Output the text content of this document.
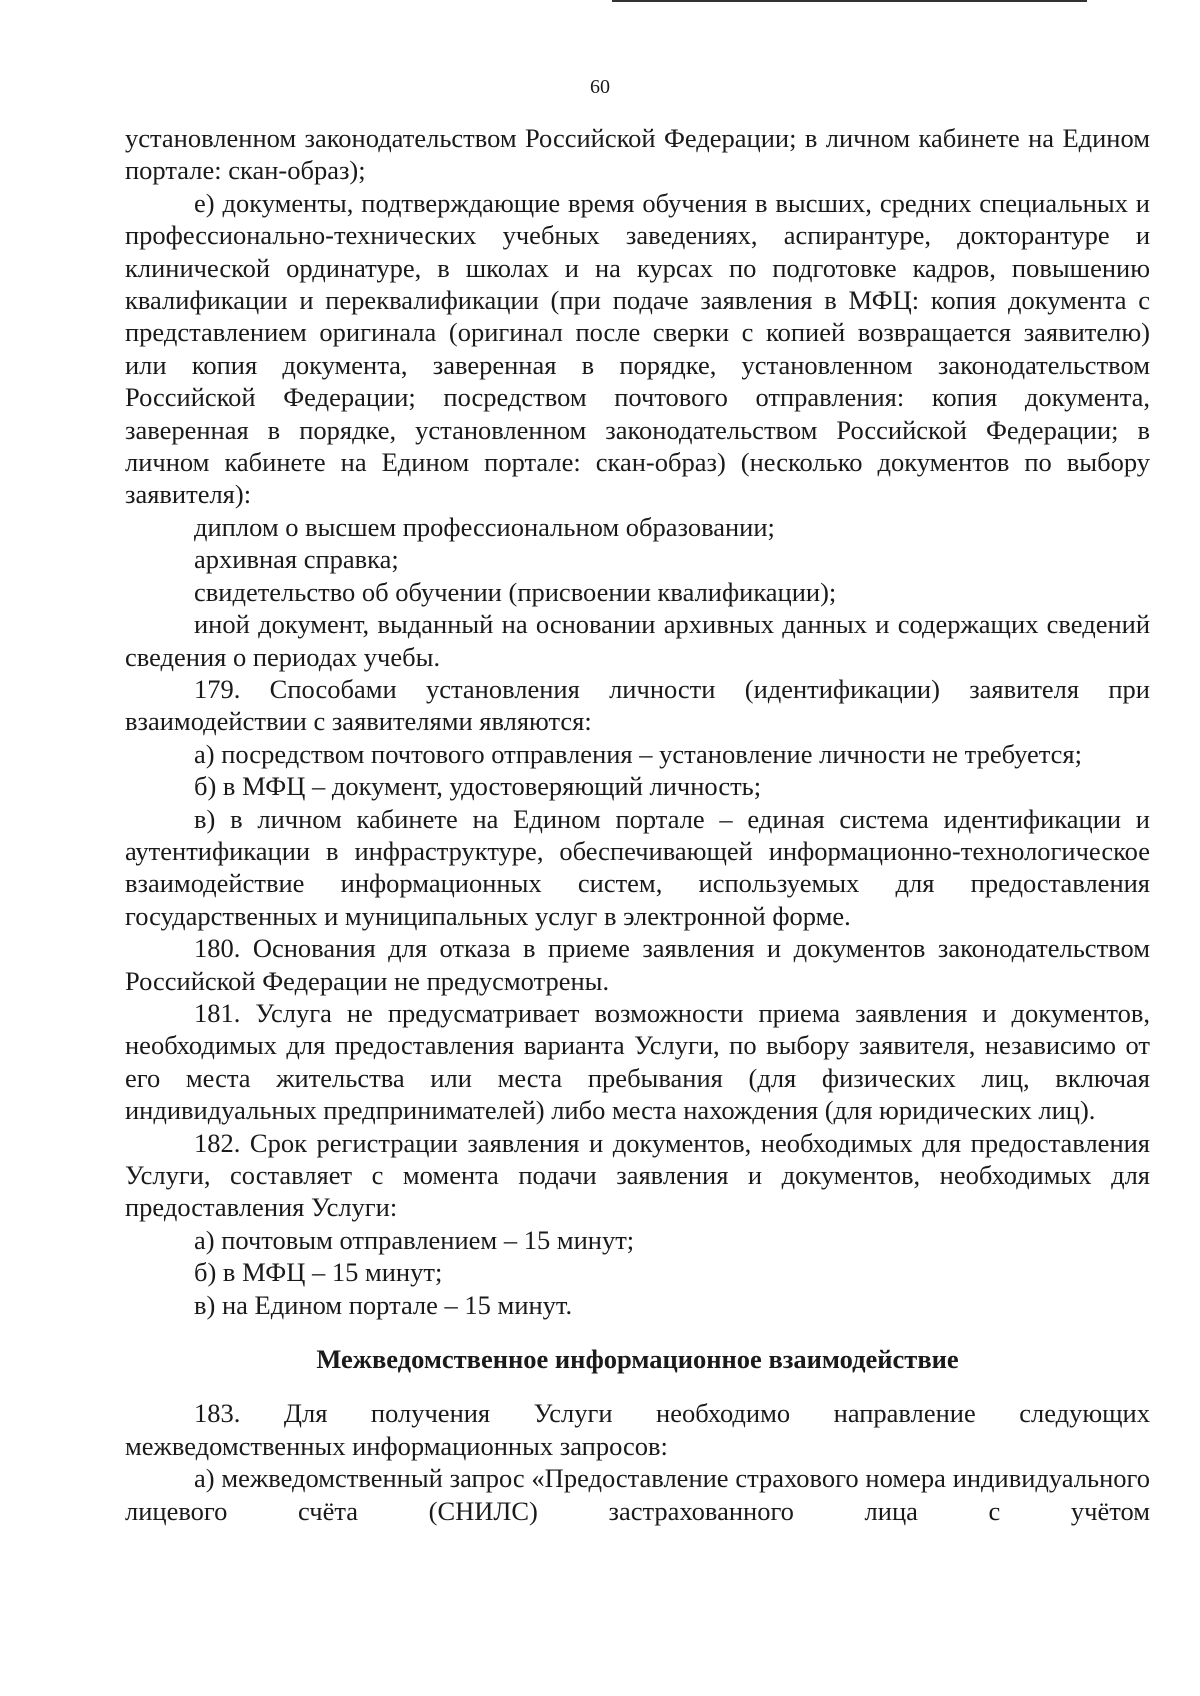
60

установленном законодательством Российской Федерации; в личном кабинете на Едином портале: скан-образ);

е) документы, подтверждающие время обучения в высших, средних специальных и профессионально-технических учебных заведениях, аспирантуре, докторантуре и клинической ординатуре, в школах и на курсах по подготовке кадров, повышению квалификации и переквалификации (при подаче заявления в МФЦ: копия документа с представлением оригинала (оригинал после сверки с копией возвращается заявителю) или копия документа, заверенная в порядке, установленном законодательством Российской Федерации; посредством почтового отправления: копия документа, заверенная в порядке, установленном законодательством Российской Федерации; в личном кабинете на Едином портале: скан-образ) (несколько документов по выбору заявителя):

диплом о высшем профессиональном образовании;

архивная справка;

свидетельство об обучении (присвоении квалификации);

иной документ, выданный на основании архивных данных и содержащих сведений сведения о периодах учебы.

179. Способами установления личности (идентификации) заявителя при взаимодействии с заявителями являются:

а) посредством почтового отправления – установление личности не требуется;

б) в МФЦ – документ, удостоверяющий личность;

в) в личном кабинете на Едином портале – единая система идентификации и аутентификации в инфраструктуре, обеспечивающей информационно-технологическое взаимодействие информационных систем, используемых для предоставления государственных и муниципальных услуг в электронной форме.

180. Основания для отказа в приеме заявления и документов законодательством Российской Федерации не предусмотрены.

181. Услуга не предусматривает возможности приема заявления и документов, необходимых для предоставления варианта Услуги, по выбору заявителя, независимо от его места жительства или места пребывания (для физических лиц, включая индивидуальных предпринимателей) либо места нахождения (для юридических лиц).

182. Срок регистрации заявления и документов, необходимых для предоставления Услуги, составляет с момента подачи заявления и документов, необходимых для предоставления Услуги:

а) почтовым отправлением – 15 минут;

б) в МФЦ – 15 минут;

в) на Едином портале – 15 минут.

Межведомственное информационное взаимодействие

183. Для получения Услуги необходимо направление следующих межведомственных информационных запросов:

а) межведомственный запрос «Предоставление страхового номера индивидуального лицевого счёта (СНИЛС) застрахованного лица с учётом
